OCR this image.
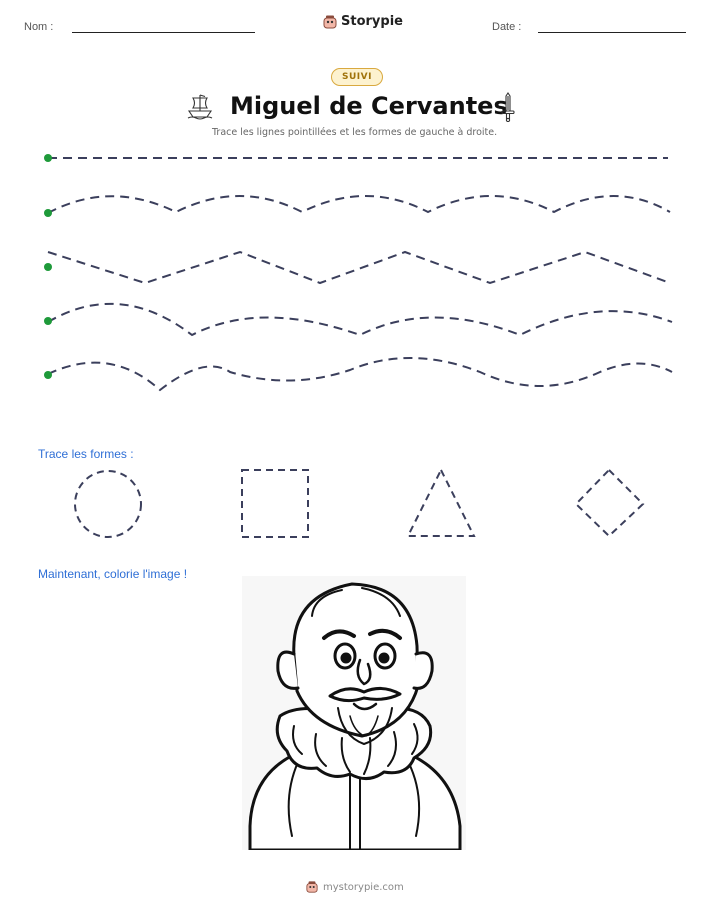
Nom :	Storypie	Date :
SUIVI
Miguel de Cervantes
Trace les lignes pointillées et les formes de gauche à droite.
Trace les formes :
Maintenant, colorie l'image !
mystorypie.com
